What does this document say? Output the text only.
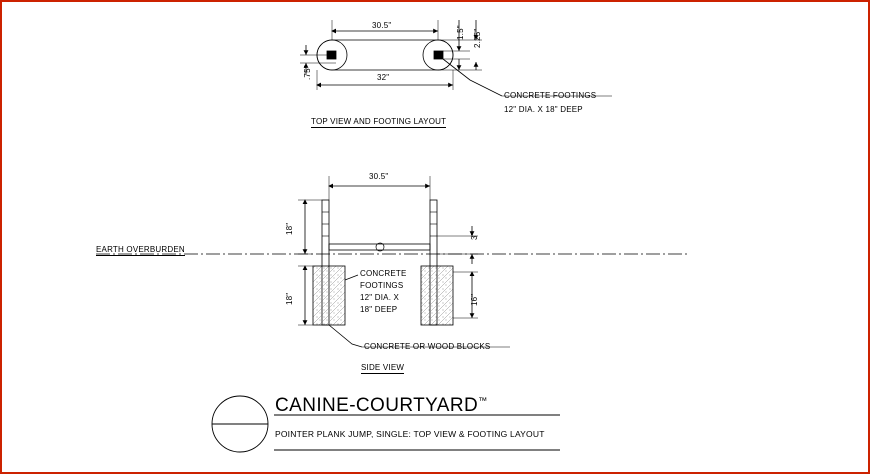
30.5"
32"
1.5" 2.25"
.75"
CONCRETE FOOTINGS
12" DIA. X 18" DEEP
TOP VIEW AND FOOTING LAYOUT
30.5"
18"
18"
3"
16"
EARTH OVERBURDEN
CONCRETE
FOOTINGS
12" DIA. X
18" DEEP
CONCRETE OR WOOD BLOCKS
SIDE VIEW
CANINE-COURTYARD™
POINTER PLANK JUMP, SINGLE: TOP VIEW & FOOTING LAYOUT
